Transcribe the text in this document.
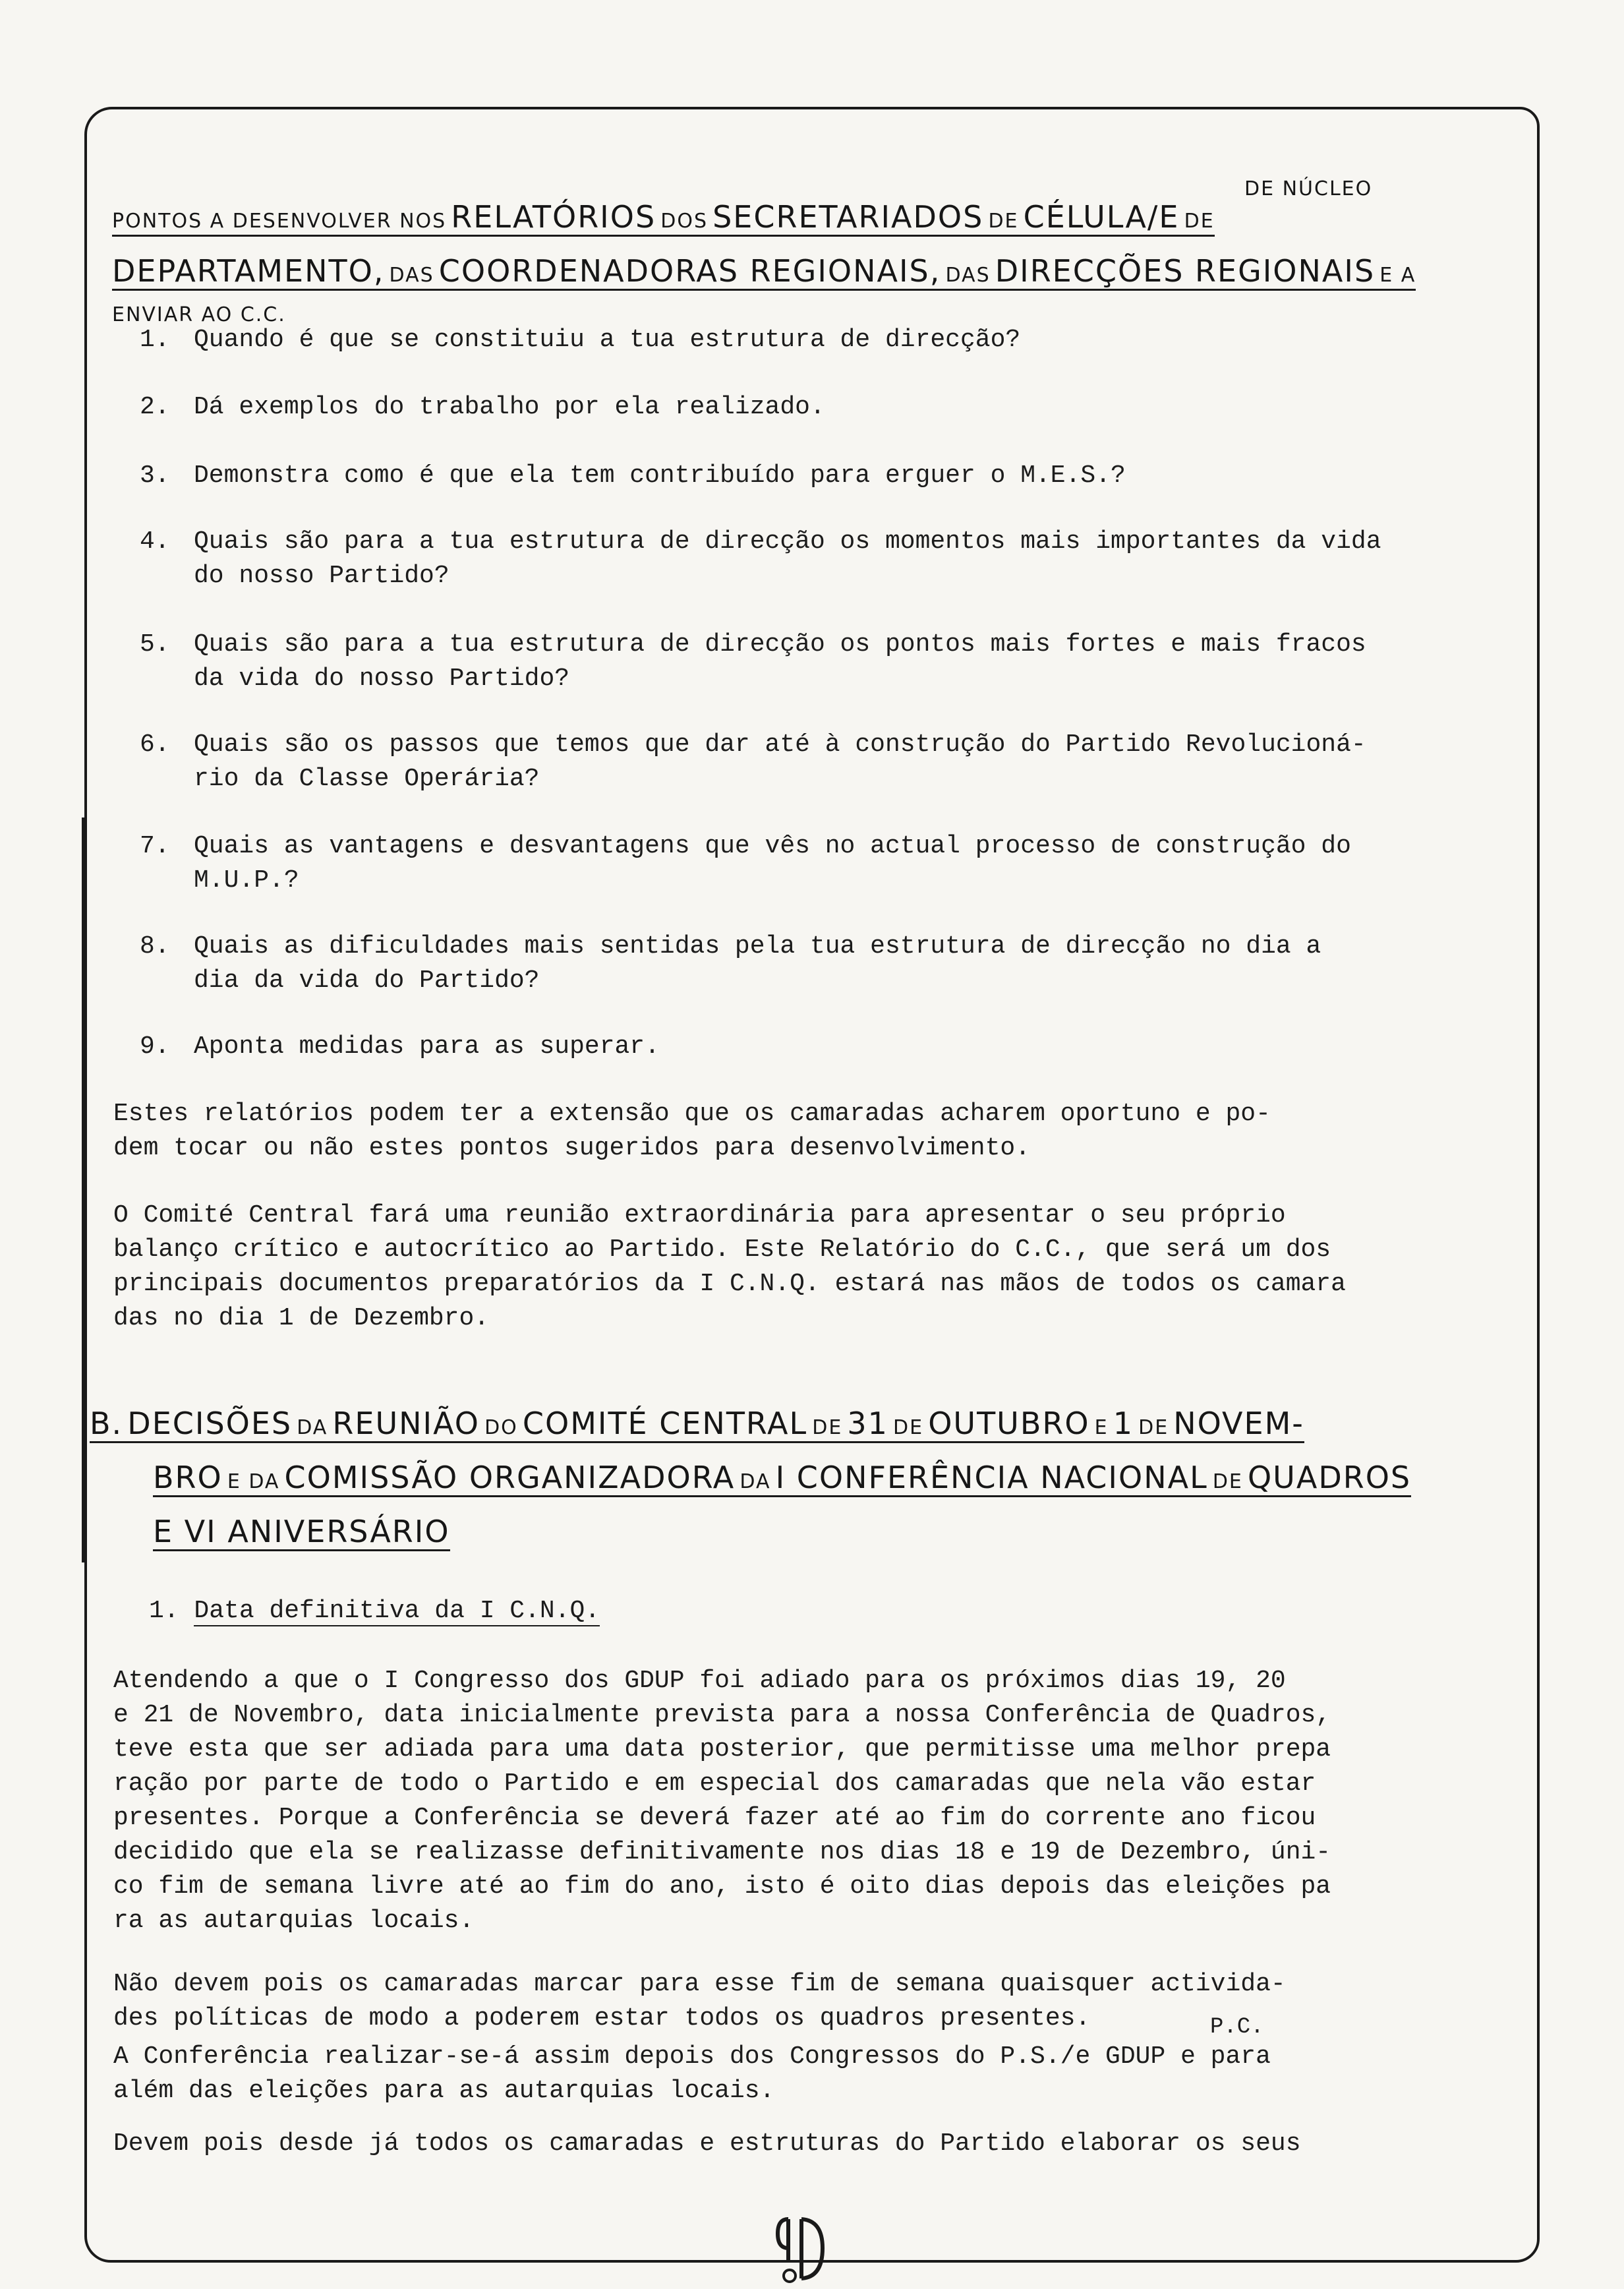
DE NÚCLEO
PONTOS A DESENVOLVER NOS RELATÓRIOS DOS SECRETARIADOS DE CÉLULA/E DE
DEPARTAMENTO, DAS COORDENADORAS REGIONAIS, DAS DIRECÇÕES REGIONAIS E A
ENVIAR AO C.C.
1. Quando é que se constituiu a tua estrutura de direcção?
2. Dá exemplos do trabalho por ela realizado.
3. Demonstra como é que ela tem contribuído para erguer o M.E.S.?
4. Quais são para a tua estrutura de direcção os momentos mais importantes da vida
do nosso Partido?
5. Quais são para a tua estrutura de direcção os pontos mais fortes e mais fracos
da vida do nosso Partido?
6. Quais são os passos que temos que dar até à construção do Partido Revolucioná-
rio da Classe Operária?
7. Quais as vantagens e desvantagens que vês no actual processo de construção do
M.U.P.?
8. Quais as dificuldades mais sentidas pela tua estrutura de direcção no dia a
dia da vida do Partido?
9. Aponta medidas para as superar.
Estes relatórios podem ter a extensão que os camaradas acharem oportuno e po-
dem tocar ou não estes pontos sugeridos para desenvolvimento.
O Comité Central fará uma reunião extraordinária para apresentar o seu próprio
balanço crítico e autocrítico ao Partido. Este Relatório do C.C., que será um dos
principais documentos preparatórios da I C.N.Q. estará nas mãos de todos os camara
das no dia 1 de Dezembro.
B. DECISÕES DA REUNIÃO DO COMITÉ CENTRAL DE 31 DE OUTUBRO E 1 DE NOVEM-
BRO E DA COMISSÃO ORGANIZADORA DA I CONFERÊNCIA NACIONAL DE QUADROS
E VI ANIVERSÁRIO
1. Data definitiva da I C.N.Q.
Atendendo a que o I Congresso dos GDUP foi adiado para os próximos dias 19, 20
e 21 de Novembro, data inicialmente prevista para a nossa Conferência de Quadros,
teve esta que ser adiada para uma data posterior, que permitisse uma melhor prepa
ração por parte de todo o Partido e em especial dos camaradas que nela vão estar
presentes. Porque a Conferência se deverá fazer até ao fim do corrente ano ficou
decidido que ela se realizasse definitivamente nos dias 18 e 19 de Dezembro, úni-
co fim de semana livre até ao fim do ano, isto é oito dias depois das eleições pa
ra as autarquias locais.
Não devem pois os camaradas marcar para esse fim de semana quaisquer activida-
des políticas de modo a poderem estar todos os quadros presentes.	P.C.
A Conferência realizar-se-á assim depois dos Congressos do P.S./e GDUP e para
além das eleições para as autarquias locais.
Devem pois desde já todos os camaradas e estruturas do Partido elaborar os seus
